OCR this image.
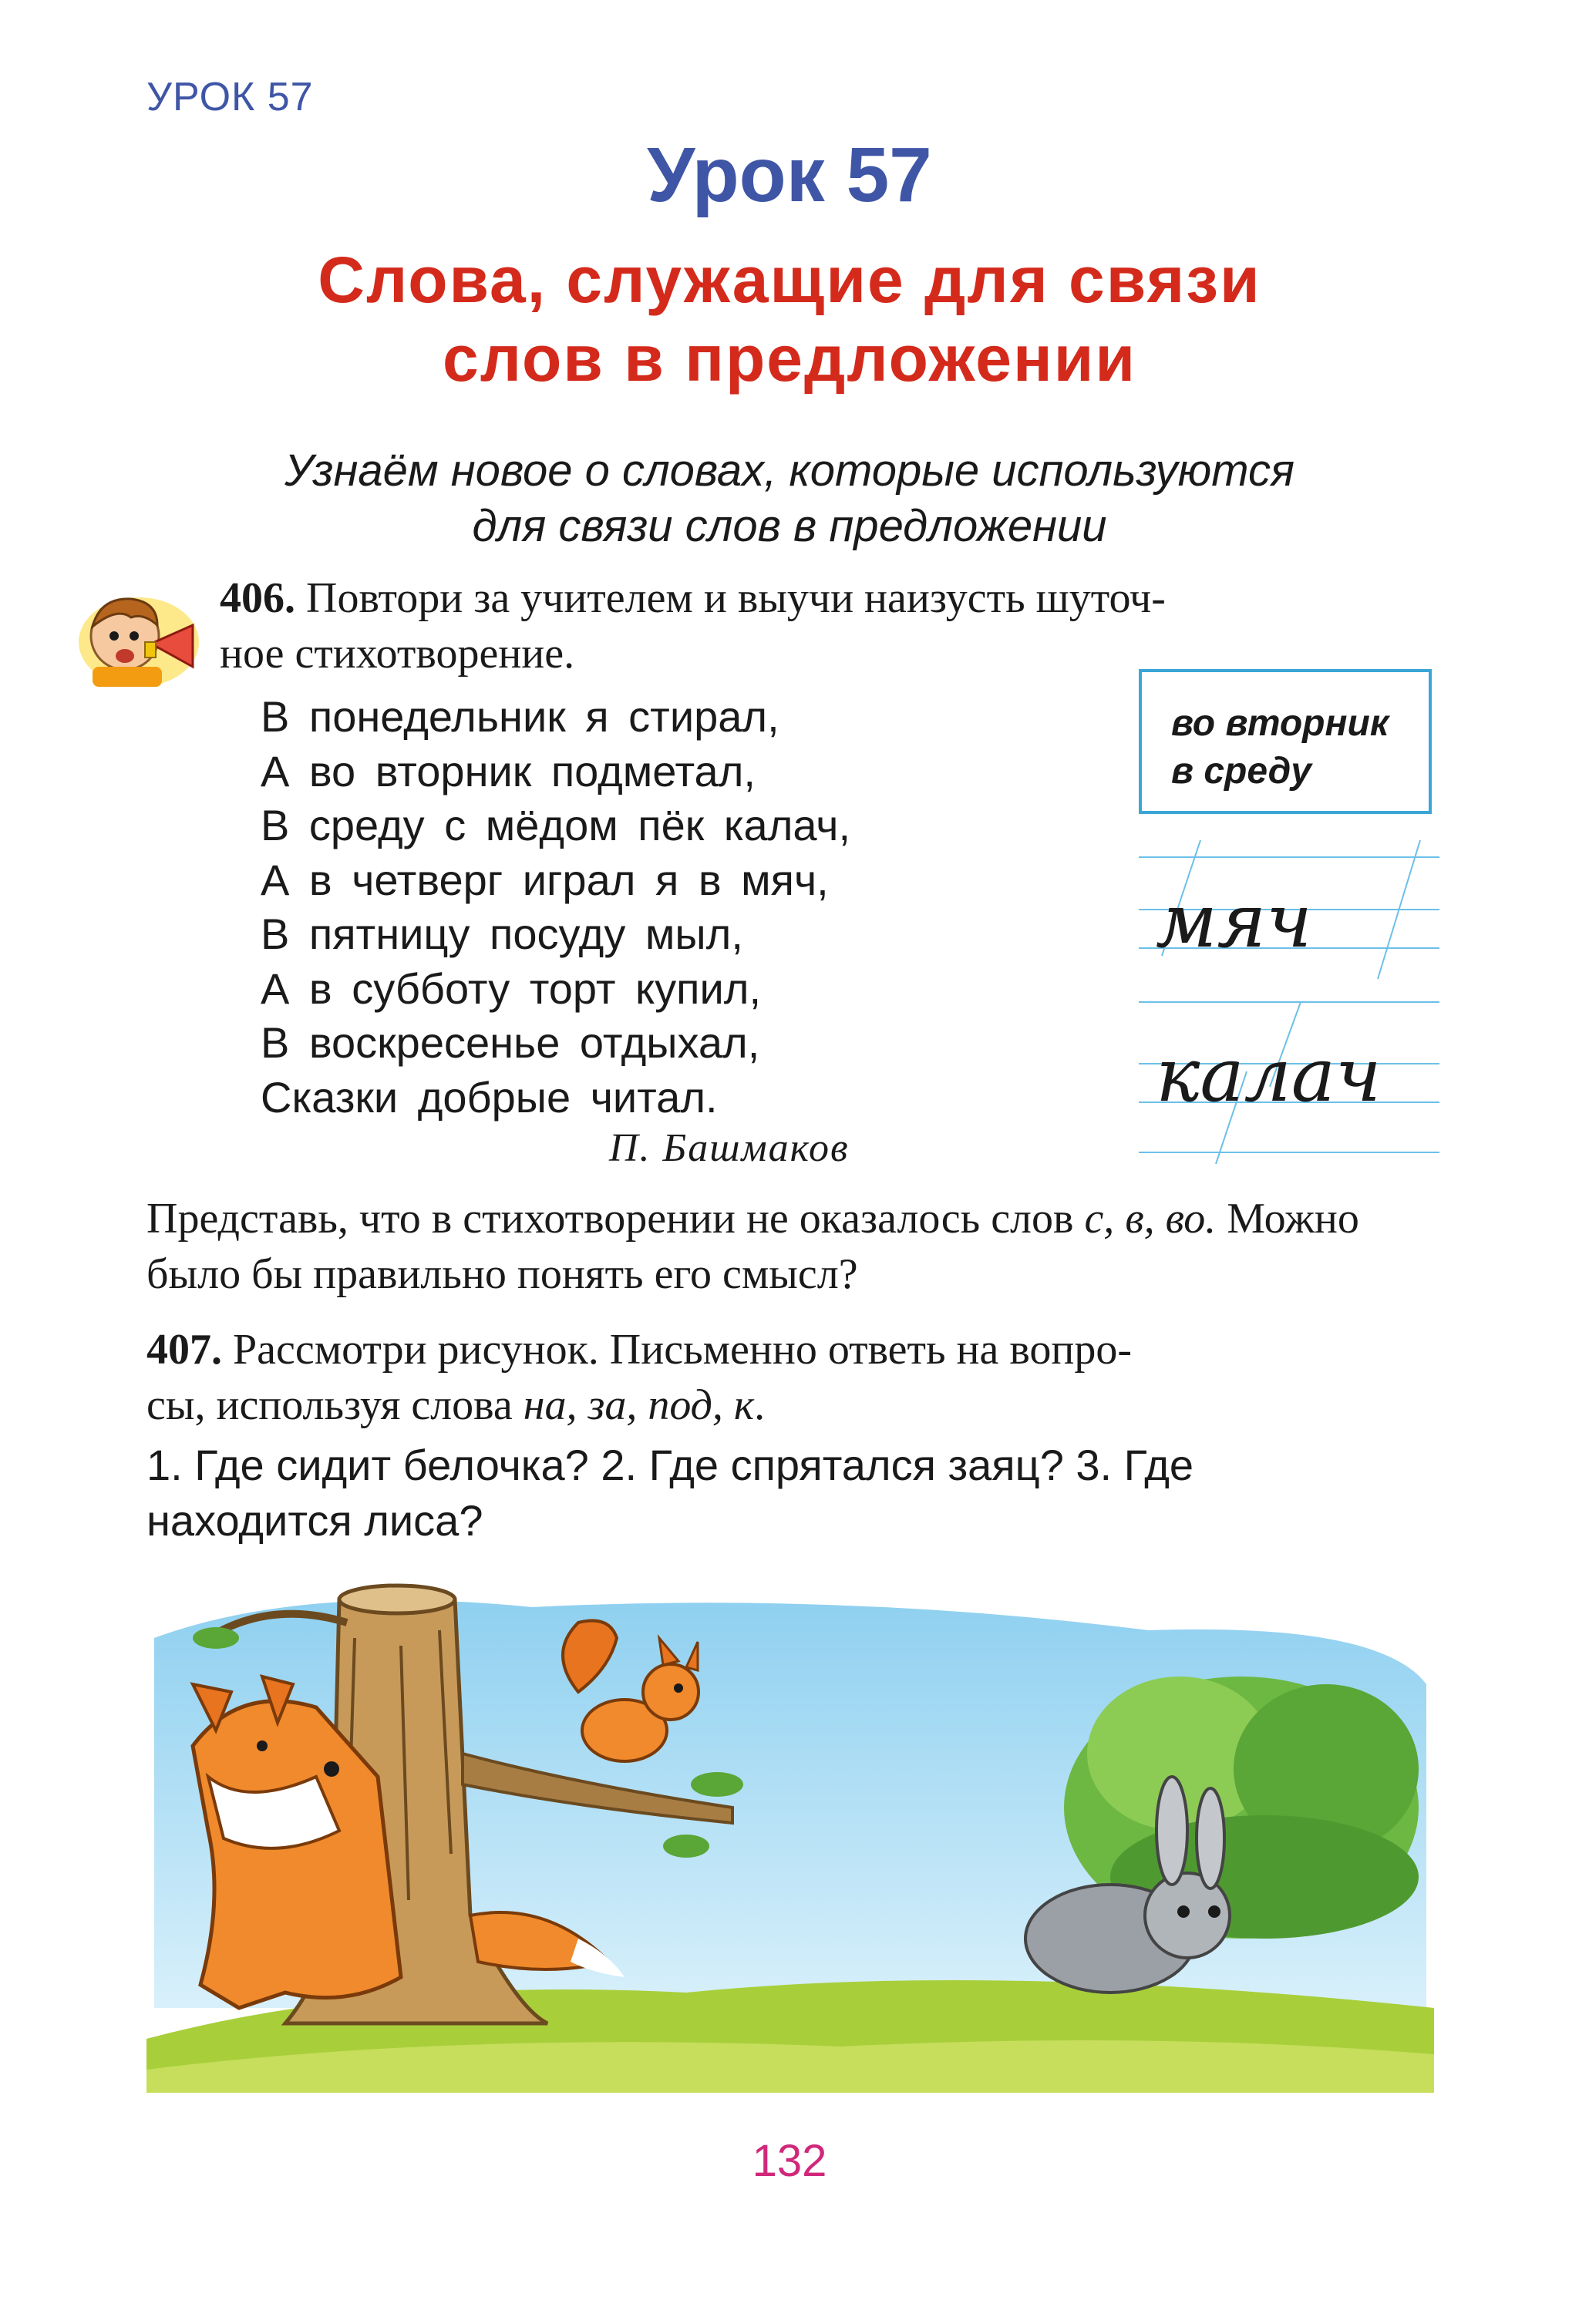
УРОК 57
Урок 57
Слова, служащие для связи
слов в предложении
Узнаём новое о словах, которые используются
для связи слов в предложении
406. Повтори за учителем и выучи наизусть шуточ-
ное стихотворение.
В понедельник я стирал,
А во вторник подметал,
В среду с мёдом пёк калач,
А в четверг играл я в мяч,
В пятницу посуду мыл,
А в субботу торт купил,
В воскресенье отдыхал,
Сказки добрые читал.
П. Башмаков
во вторник
в среду
мяч
калач
Представь, что в стихотворении не оказалось слов с, в, во. Можно было бы правильно понять его смысл?
407. Рассмотри рисунок. Письменно ответь на вопро-
сы, используя слова на, за, под, к.
1. Где сидит белочка? 2. Где спрятался заяц? 3. Где
находится лиса?
132
